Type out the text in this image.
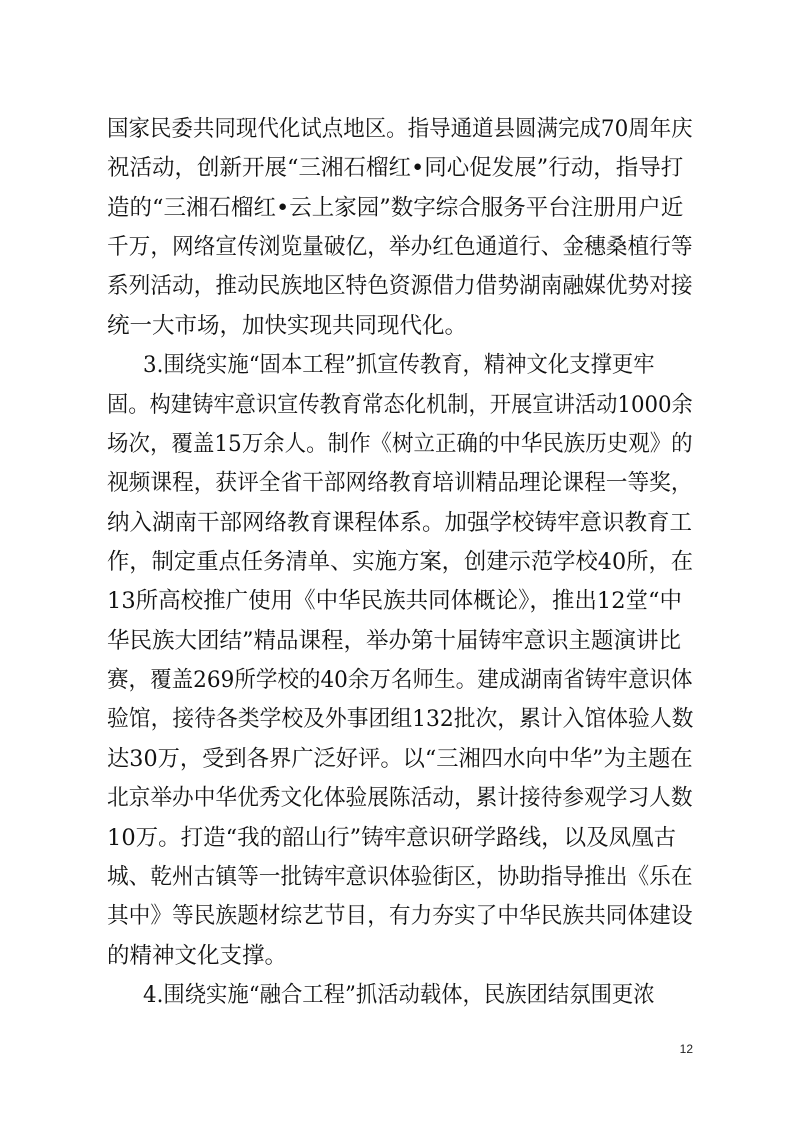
国家民委共同现代化试点地区。指导通道县圆满完成70周年庆
祝活动，创新开展“三湘石榴红•同心促发展”行动，指导打
造的“三湘石榴红•云上家园”数字综合服务平台注册用户近
千万，网络宣传浏览量破亿，举办红色通道行、金穗桑植行等
系列活动，推动民族地区特色资源借力借势湖南融媒优势对接
统一大市场，加快实现共同现代化。
3.围绕实施“固本工程”抓宣传教育，精神文化支撑更牢
固。构建铸牢意识宣传教育常态化机制，开展宣讲活动1000余
场次，覆盖15万余人。制作《树立正确的中华民族历史观》的
视频课程，获评全省干部网络教育培训精品理论课程一等奖，
纳入湖南干部网络教育课程体系。加强学校铸牢意识教育工
作，制定重点任务清单、实施方案，创建示范学校40所，在
13所高校推广使用《中华民族共同体概论》，推出12堂“中
华民族大团结”精品课程，举办第十届铸牢意识主题演讲比
赛，覆盖269所学校的40余万名师生。建成湖南省铸牢意识体
验馆，接待各类学校及外事团组132批次，累计入馆体验人数
达30万，受到各界广泛好评。以“三湘四水向中华”为主题在
北京举办中华优秀文化体验展陈活动，累计接待参观学习人数
10万。打造“我的韶山行”铸牢意识研学路线，以及凤凰古
城、乾州古镇等一批铸牢意识体验街区，协助指导推出《乐在
其中》等民族题材综艺节目，有力夯实了中华民族共同体建设
的精神文化支撑。
4.围绕实施“融合工程”抓活动载体，民族团结氛围更浓
12
